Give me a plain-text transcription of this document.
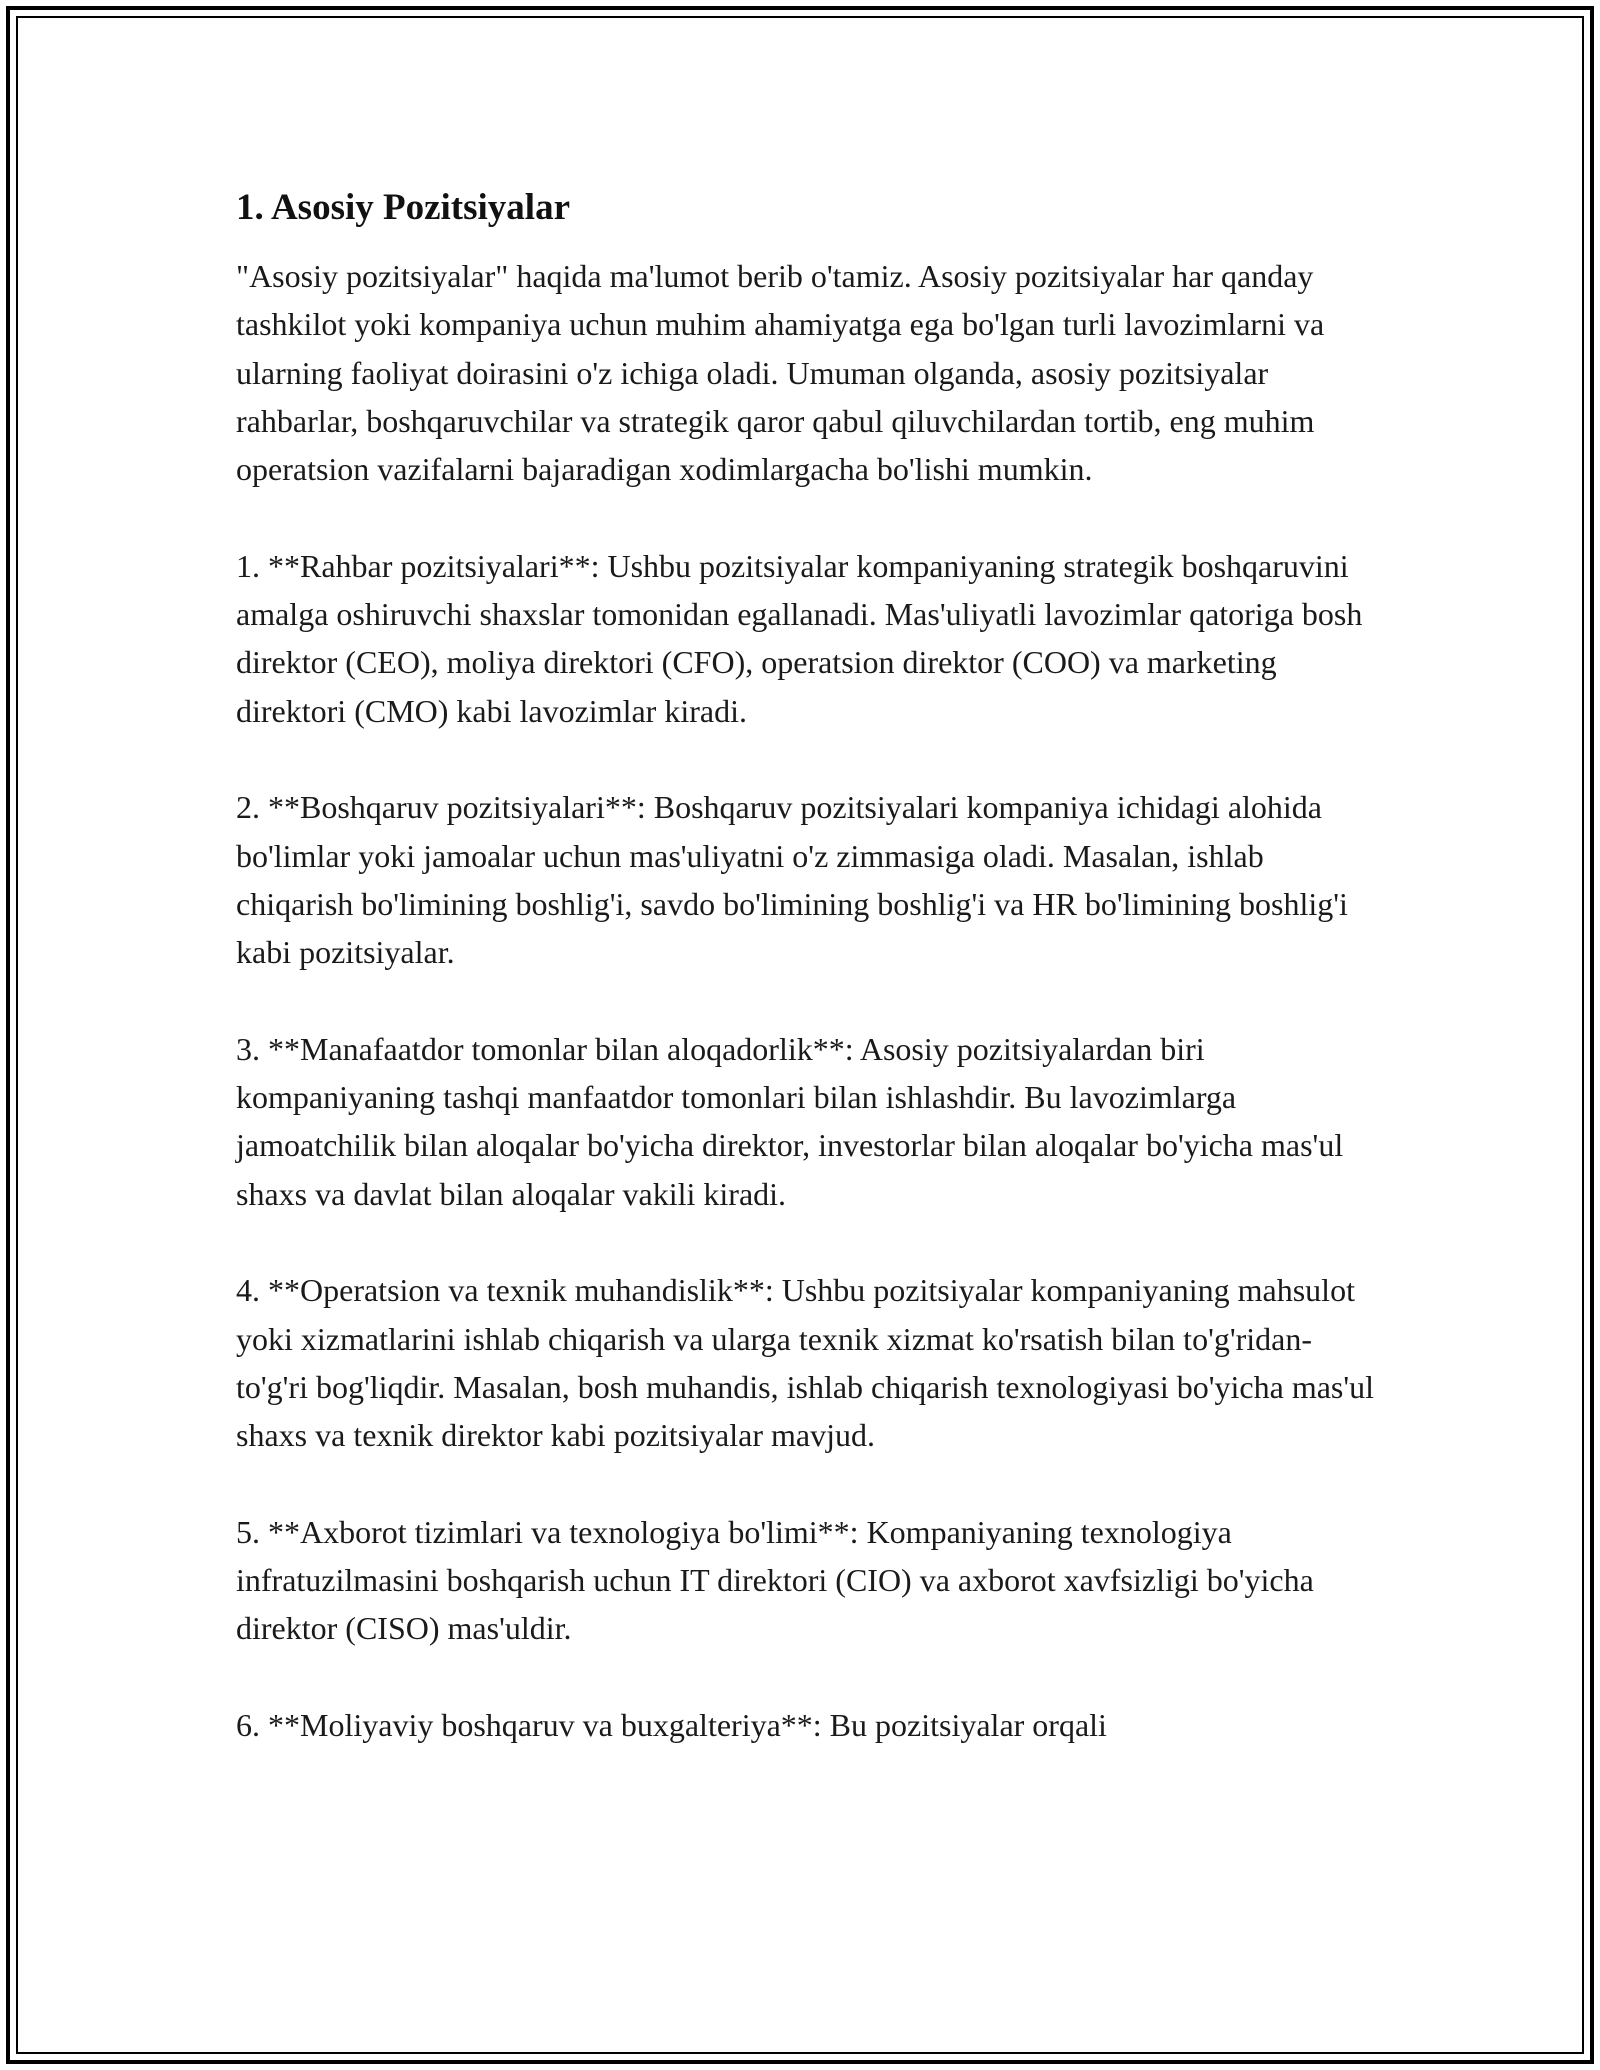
1. Asosiy Pozitsiyalar

"Asosiy pozitsiyalar" haqida ma'lumot berib o'tamiz. Asosiy pozitsiyalar har qanday tashkilot yoki kompaniya uchun muhim ahamiyatga ega bo'lgan turli lavozimlarni va ularning faoliyat doirasini o'z ichiga oladi. Umuman olganda, asosiy pozitsiyalar rahbarlar, boshqaruvchilar va strategik qaror qabul qiluvchilardan tortib, eng muhim operatsion vazifalarni bajaradigan xodimlargacha bo'lishi mumkin.

1. **Rahbar pozitsiyalari**: Ushbu pozitsiyalar kompaniyaning strategik boshqaruvini amalga oshiruvchi shaxslar tomonidan egallanadi. Mas'uliyatli lavozimlar qatoriga bosh direktor (CEO), moliya direktori (CFO), operatsion direktor (COO) va marketing direktori (CMO) kabi lavozimlar kiradi.

2. **Boshqaruv pozitsiyalari**: Boshqaruv pozitsiyalari kompaniya ichidagi alohida bo'limlar yoki jamoalar uchun mas'uliyatni o'z zimmasiga oladi. Masalan, ishlab chiqarish bo'limining boshlig'i, savdo bo'limining boshlig'i va HR bo'limining boshlig'i kabi pozitsiyalar.

3. **Manafaatdor tomonlar bilan aloqadorlik**: Asosiy pozitsiyalardan biri kompaniyaning tashqi manfaatdor tomonlari bilan ishlashdir. Bu lavozimlarga jamoatchilik bilan aloqalar bo'yicha direktor, investorlar bilan aloqalar bo'yicha mas'ul shaxs va davlat bilan aloqalar vakili kiradi.

4. **Operatsion va texnik muhandislik**: Ushbu pozitsiyalar kompaniyaning mahsulot yoki xizmatlarini ishlab chiqarish va ularga texnik xizmat ko'rsatish bilan to'g'ridan-to'g'ri bog'liqdir. Masalan, bosh muhandis, ishlab chiqarish texnologiyasi bo'yicha mas'ul shaxs va texnik direktor kabi pozitsiyalar mavjud.

5. **Axborot tizimlari va texnologiya bo'limi**: Kompaniyaning texnologiya infratuzilmasini boshqarish uchun IT direktori (CIO) va axborot xavfsizligi bo'yicha direktor (CISO) mas'uldir.

6. **Moliyaviy boshqaruv va buxgalteriya**: Bu pozitsiyalar orqali
